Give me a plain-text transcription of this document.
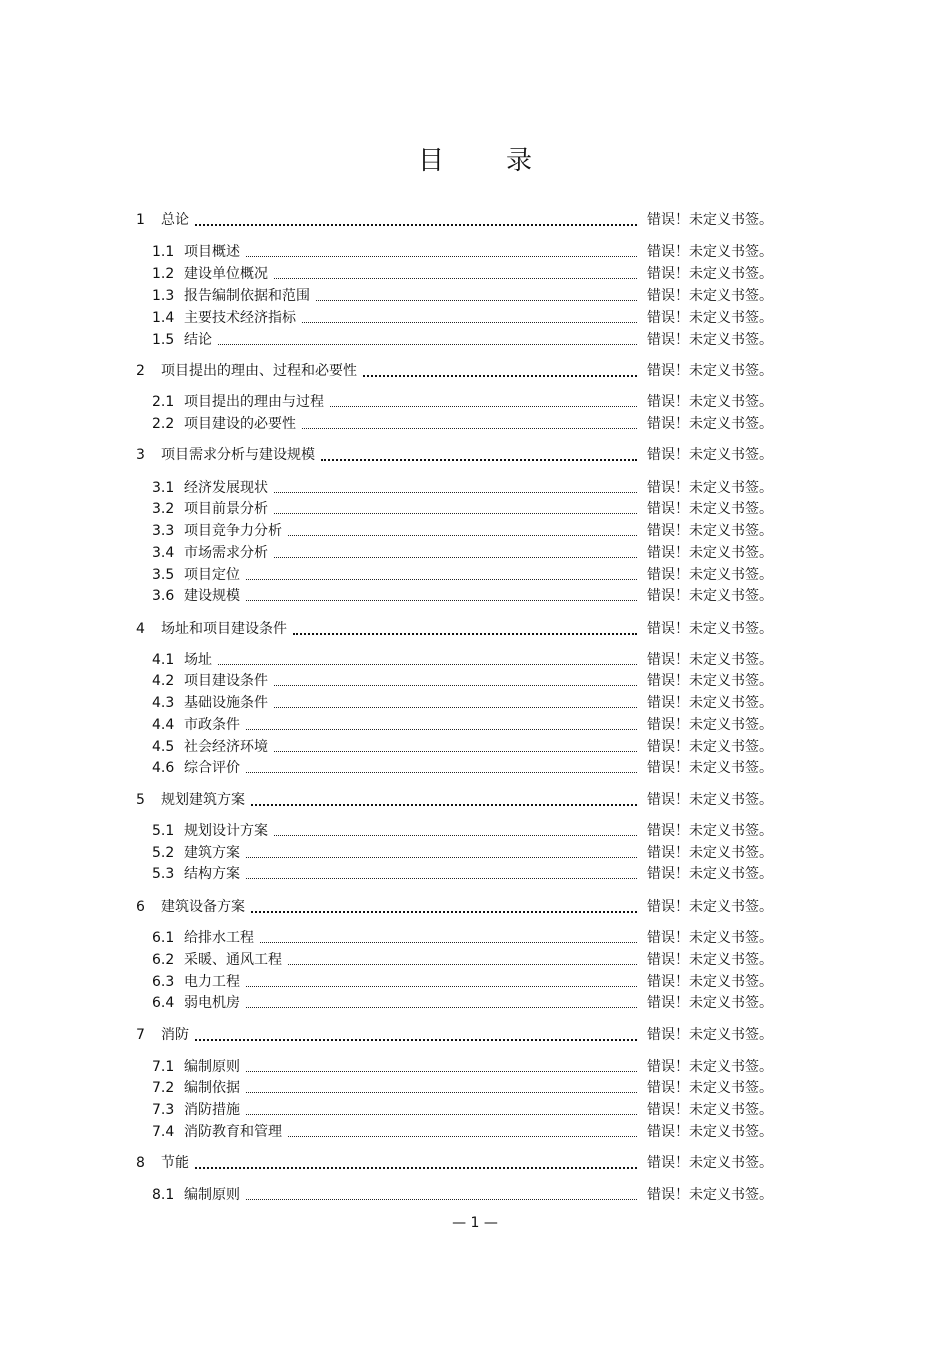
目 录
1 总论	错误！未定义书签。
1.1 项目概述	错误！未定义书签。
1.2 建设单位概况	错误！未定义书签。
1.3 报告编制依据和范围	错误！未定义书签。
1.4 主要技术经济指标	错误！未定义书签。
1.5 结论	错误！未定义书签。
2 项目提出的理由、过程和必要性	错误！未定义书签。
2.1 项目提出的理由与过程	错误！未定义书签。
2.2 项目建设的必要性	错误！未定义书签。
3 项目需求分析与建设规模	错误！未定义书签。
3.1 经济发展现状	错误！未定义书签。
3.2 项目前景分析	错误！未定义书签。
3.3 项目竞争力分析	错误！未定义书签。
3.4 市场需求分析	错误！未定义书签。
3.5 项目定位	错误！未定义书签。
3.6 建设规模	错误！未定义书签。
4 场址和项目建设条件	错误！未定义书签。
4.1 场址	错误！未定义书签。
4.2 项目建设条件	错误！未定义书签。
4.3 基础设施条件	错误！未定义书签。
4.4 市政条件	错误！未定义书签。
4.5 社会经济环境	错误！未定义书签。
4.6 综合评价	错误！未定义书签。
5 规划建筑方案	错误！未定义书签。
5.1 规划设计方案	错误！未定义书签。
5.2 建筑方案	错误！未定义书签。
5.3 结构方案	错误！未定义书签。
6 建筑设备方案	错误！未定义书签。
6.1 给排水工程	错误！未定义书签。
6.2 采暖、通风工程	错误！未定义书签。
6.3 电力工程	错误！未定义书签。
6.4 弱电机房	错误！未定义书签。
7 消防	错误！未定义书签。
7.1 编制原则	错误！未定义书签。
7.2 编制依据	错误！未定义书签。
7.3 消防措施	错误！未定义书签。
7.4 消防教育和管理	错误！未定义书签。
8 节能	错误！未定义书签。
8.1 编制原则	错误！未定义书签。
— 1 —
